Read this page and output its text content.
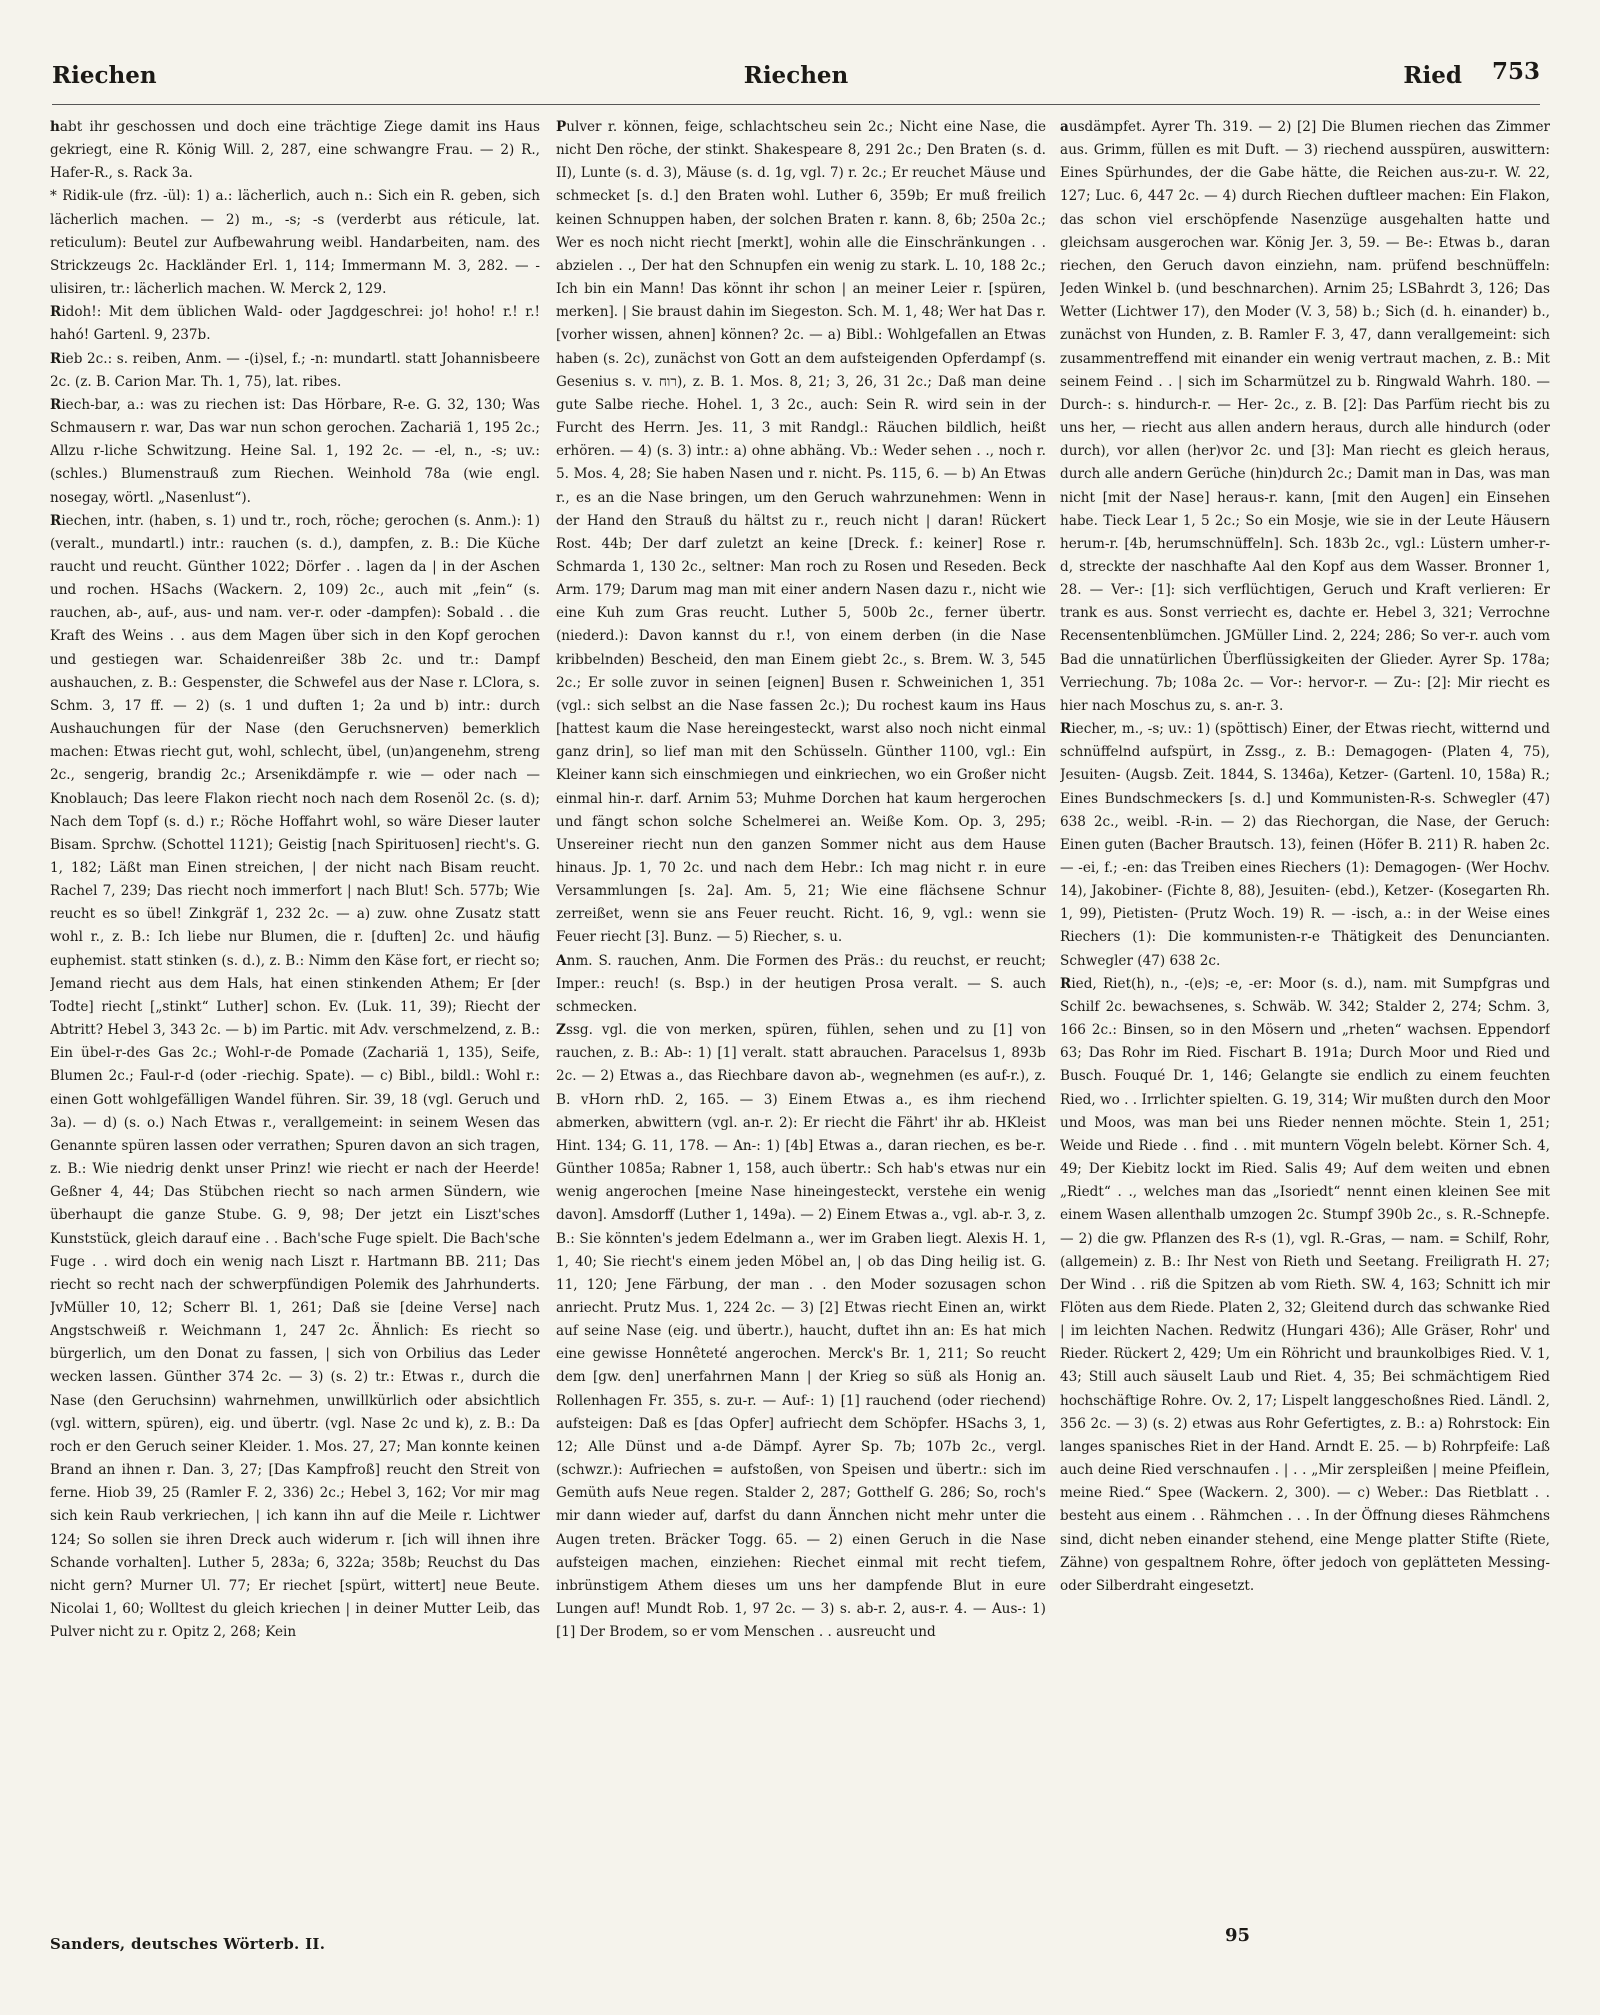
Riechen	Riechen	Ried 753

habt ihr geschossen und doch eine trächtige Ziege damit ins Haus gekriegt, eine R. König Will. 2, 287, eine schwangre Frau. — 2) R., Hafer-R., s. Rack 3a.

* Ridik-ule (frz. -ül): 1) a.: lächerlich, auch n.: Sich ein R. geben, sich lächerlich machen. — 2) m., -s; -s (verderbt aus réticule, lat. reticulum): Beutel zur Aufbewahrung weibl. Handarbeiten, nam. des Strickzeugs 2c. Hackländer Erl. 1, 114; Immermann M. 3, 282. — -ulisiren, tr.: lächerlich machen. W. Merck 2, 129.

Ridoh!: Mit dem üblichen Wald- oder Jagdgeschrei: jo! hoho! r.! r.! hahó! Gartenl. 9, 237b.

Rieb 2c.: s. reiben, Anm. — -(i)sel, f.; -n: mundartl. statt Johannisbeere 2c. (z. B. Carion Mar. Th. 1, 75), lat. ribes.

Riech-bar, a.: was zu riechen ist: Das Hörbare, R-e. G. 32, 130; Was Schmausern r. war, Das war nun schon gerochen. Zachariä 1, 195 2c.; Allzu r-liche Schwitzung. Heine Sal. 1, 192 2c. — -el, n., -s; uv.: (schles.) Blumenstrauß zum Riechen. Weinhold 78a (wie engl. nosegay, wörtl. „Nasenlust“).

Riechen, intr. (haben, s. 1) und tr., roch, röche; gerochen (s. Anm.): 1) (veralt., mundartl.) intr.: rauchen (s. d.), dampfen, z. B.: Die Küche raucht und reucht. Günther 1022; Dörfer . . lagen da | in der Aschen und rochen. HSachs (Wackern. 2, 109) 2c., auch mit „fein“ (s. rauchen, ab-, auf-, aus- und nam. ver-r. oder -dampfen): Sobald . . die Kraft des Weins . . aus dem Magen über sich in den Kopf gerochen und gestiegen war. Schaidenreißer 38b 2c. und tr.: Dampf aushauchen, z. B.: Gespenster, die Schwefel aus der Nase r. LClora, s. Schm. 3, 17 ff. — 2) (s. 1 und duften 1; 2a und b) intr.: durch Aushauchungen für der Nase (den Geruchsnerven) bemerklich machen: Etwas riecht gut, wohl, schlecht, übel, (un)angenehm, streng 2c., sengerig, brandig 2c.; Arsenikdämpfe r. wie — oder nach — Knoblauch; Das leere Flakon riecht noch nach dem Rosenöl 2c. (s. d); Nach dem Topf (s. d.) r.; Röche Hoffahrt wohl, so wäre Dieser lauter Bisam. Sprchw. (Schottel 1121); Geistig [nach Spirituosen] riecht's. G. 1, 182; Läßt man Einen streichen, | der nicht nach Bisam reucht. Rachel 7, 239; Das riecht noch immerfort | nach Blut! Sch. 577b; Wie reucht es so übel! Zinkgräf 1, 232 2c. — a) zuw. ohne Zusatz statt wohl r., z. B.: Ich liebe nur Blumen, die r. [duften] 2c. und häufig euphemist. statt stinken (s. d.), z. B.: Nimm den Käse fort, er riecht so; Jemand riecht aus dem Hals, hat einen stinkenden Athem; Er [der Todte] riecht [„stinkt“ Luther] schon. Ev. (Luk. 11, 39); Riecht der Abtritt? Hebel 3, 343 2c. — b) im Partic. mit Adv. verschmelzend, z. B.: Ein übel-r-des Gas 2c.; Wohl-r-de Pomade (Zachariä 1, 135), Seife, Blumen 2c.; Faul-r-d (oder -riechig. Spate). — c) Bibl., bildl.: Wohl r.: einen Gott wohlgefälligen Wandel führen. Sir. 39, 18 (vgl. Geruch und 3a). — d) (s. o.) Nach Etwas r., verallgemeint: in seinem Wesen das Genannte spüren lassen oder verrathen; Spuren davon an sich tragen, z. B.: Wie niedrig denkt unser Prinz! wie riecht er nach der Heerde! Geßner 4, 44; Das Stübchen riecht so nach armen Sündern, wie überhaupt die ganze Stube. G. 9, 98; Der jetzt ein Liszt'sches Kunststück, gleich darauf eine . . Bach'sche Fuge spielt. Die Bach'sche Fuge . . wird doch ein wenig nach Liszt r. Hartmann BB. 211; Das riecht so recht nach der schwerpfündigen Polemik des Jahrhunderts. JvMüller 10, 12; Scherr Bl. 1, 261; Daß sie [deine Verse] nach Angstschweiß r. Weichmann 1, 247 2c. Ähnlich: Es riecht so bürgerlich, um den Donat zu fassen, | sich von Orbilius das Leder wecken lassen. Günther 374 2c. — 3) (s. 2) tr.: Etwas r., durch die Nase (den Geruchsinn) wahrnehmen, unwillkürlich oder absichtlich (vgl. wittern, spüren), eig. und übertr. (vgl. Nase 2c und k), z. B.: Da roch er den Geruch seiner Kleider. 1. Mos. 27, 27; Man konnte keinen Brand an ihnen r. Dan. 3, 27; [Das Kampfroß] reucht den Streit von ferne. Hiob 39, 25 (Ramler F. 2, 336) 2c.; Hebel 3, 162; Vor mir mag sich kein Raub verkriechen, | ich kann ihn auf die Meile r. Lichtwer 124; So sollen sie ihren Dreck auch widerum r. [ich will ihnen ihre Schande vorhalten]. Luther 5, 283a; 6, 322a; 358b; Reuchst du Das nicht gern? Murner Ul. 77; Er riechet [spürt, wittert] neue Beute. Nicolai 1, 60; Wolltest du gleich kriechen | in deiner Mutter Leib, das Pulver nicht zu r. Opitz 2, 268; Kein

Pulver r. können, feige, schlachtscheu sein 2c.; Nicht eine Nase, die nicht Den röche, der stinkt. Shakespeare 8, 291 2c.; Den Braten (s. d. II), Lunte (s. d. 3), Mäuse (s. d. 1g, vgl. 7) r. 2c.; Er reuchet Mäuse und schmecket [s. d.] den Braten wohl. Luther 6, 359b; Er muß freilich keinen Schnuppen haben, der solchen Braten r. kann. 8, 6b; 250a 2c.; Wer es noch nicht riecht [merkt], wohin alle die Einschränkungen . . abzielen . ., Der hat den Schnupfen ein wenig zu stark. L. 10, 188 2c.; Ich bin ein Mann! Das könnt ihr schon | an meiner Leier r. [spüren, merken]. | Sie braust dahin im Siegeston. Sch. M. 1, 48; Wer hat Das r. [vorher wissen, ahnen] können? 2c. — a) Bibl.: Wohlgefallen an Etwas haben (s. 2c), zunächst von Gott an dem aufsteigenden Opferdampf (s. Gesenius s. v. רוח), z. B. 1. Mos. 8, 21; 3, 26, 31 2c.; Daß man deine gute Salbe rieche. Hohel. 1, 3 2c., auch: Sein R. wird sein in der Furcht des Herrn. Jes. 11, 3 mit Randgl.: Räuchen bildlich, heißt erhören. — 4) (s. 3) intr.: a) ohne abhäng. Vb.: Weder sehen . ., noch r. 5. Mos. 4, 28; Sie haben Nasen und r. nicht. Ps. 115, 6. — b) An Etwas r., es an die Nase bringen, um den Geruch wahrzunehmen: Wenn in der Hand den Strauß du hältst zu r., reuch nicht | daran! Rückert Rost. 44b; Der darf zuletzt an keine [Dreck. f.: keiner] Rose r. Schmarda 1, 130 2c., seltner: Man roch zu Rosen und Reseden. Beck Arm. 179; Darum mag man mit einer andern Nasen dazu r., nicht wie eine Kuh zum Gras reucht. Luther 5, 500b 2c., ferner übertr. (niederd.): Davon kannst du r.!, von einem derben (in die Nase kribbelnden) Bescheid, den man Einem giebt 2c., s. Brem. W. 3, 545 2c.; Er solle zuvor in seinen [eignen] Busen r. Schweinichen 1, 351 (vgl.: sich selbst an die Nase fassen 2c.); Du rochest kaum ins Haus [hattest kaum die Nase hereingesteckt, warst also noch nicht einmal ganz drin], so lief man mit den Schüsseln. Günther 1100, vgl.: Ein Kleiner kann sich einschmiegen und einkriechen, wo ein Großer nicht einmal hin-r. darf. Arnim 53; Muhme Dorchen hat kaum hergerochen und fängt schon solche Schelmerei an. Weiße Kom. Op. 3, 295; Unsereiner riecht nun den ganzen Sommer nicht aus dem Hause hinaus. Jp. 1, 70 2c. und nach dem Hebr.: Ich mag nicht r. in eure Versammlungen [s. 2a]. Am. 5, 21; Wie eine flächsene Schnur zerreißet, wenn sie ans Feuer reucht. Richt. 16, 9, vgl.: wenn sie Feuer riecht [3]. Bunz. — 5) Riecher, s. u.

Anm. S. rauchen, Anm. Die Formen des Präs.: du reuchst, er reucht; Imper.: reuch! (s. Bsp.) in der heutigen Prosa veralt. — S. auch schmecken.

Zssg. vgl. die von merken, spüren, fühlen, sehen und zu [1] von rauchen, z. B.: Ab-: 1) [1] veralt. statt abrauchen. Paracelsus 1, 893b 2c. — 2) Etwas a., das Riechbare davon ab-, wegnehmen (es auf-r.), z. B. vHorn rhD. 2, 165. — 3) Einem Etwas a., es ihm riechend abmerken, abwittern (vgl. an-r. 2): Er riecht die Fährt' ihr ab. HKleist Hint. 134; G. 11, 178. — An-: 1) [4b] Etwas a., daran riechen, es be-r. Günther 1085a; Rabner 1, 158, auch übertr.: Sch hab's etwas nur ein wenig angerochen [meine Nase hineingesteckt, verstehe ein wenig davon]. Amsdorff (Luther 1, 149a). — 2) Einem Etwas a., vgl. ab-r. 3, z. B.: Sie könnten's jedem Edelmann a., wer im Graben liegt. Alexis H. 1, 1, 40; Sie riecht's einem jeden Möbel an, | ob das Ding heilig ist. G. 11, 120; Jene Färbung, der man . . den Moder sozusagen schon anriecht. Prutz Mus. 1, 224 2c. — 3) [2] Etwas riecht Einen an, wirkt auf seine Nase (eig. und übertr.), haucht, duftet ihn an: Es hat mich eine gewisse Honnêteté angerochen. Merck's Br. 1, 211; So reucht dem [gw. den] unerfahrnen Mann | der Krieg so süß als Honig an. Rollenhagen Fr. 355, s. zu-r. — Auf-: 1) [1] rauchend (oder riechend) aufsteigen: Daß es [das Opfer] aufriecht dem Schöpfer. HSachs 3, 1, 12; Alle Dünst und a-de Dämpf. Ayrer Sp. 7b; 107b 2c., vergl. (schwzr.): Aufriechen = aufstoßen, von Speisen und übertr.: sich im Gemüth aufs Neue regen. Stalder 2, 287; Gotthelf G. 286; So, roch's mir dann wieder auf, darfst du dann Ännchen nicht mehr unter die Augen treten. Bräcker Togg. 65. — 2) einen Geruch in die Nase aufsteigen machen, einziehen: Riechet einmal mit recht tiefem, inbrünstigem Athem dieses um uns her dampfende Blut in eure Lungen auf! Mundt Rob. 1, 97 2c. — 3) s. ab-r. 2, aus-r. 4. — Aus-: 1) [1] Der Brodem, so er vom Menschen . . ausreucht und

ausdämpfet. Ayrer Th. 319. — 2) [2] Die Blumen riechen das Zimmer aus. Grimm, füllen es mit Duft. — 3) riechend ausspüren, auswittern: Eines Spürhundes, der die Gabe hätte, die Reichen aus-zu-r. W. 22, 127; Luc. 6, 447 2c. — 4) durch Riechen duftleer machen: Ein Flakon, das schon viel erschöpfende Nasenzüge ausgehalten hatte und gleichsam ausgerochen war. König Jer. 3, 59. — Be-: Etwas b., daran riechen, den Geruch davon einziehn, nam. prüfend beschnüffeln: Jeden Winkel b. (und beschnarchen). Arnim 25; LSBahrdt 3, 126; Das Wetter (Lichtwer 17), den Moder (V. 3, 58) b.; Sich (d. h. einander) b., zunächst von Hunden, z. B. Ramler F. 3, 47, dann verallgemeint: sich zusammentreffend mit einander ein wenig vertraut machen, z. B.: Mit seinem Feind . . | sich im Scharmützel zu b. Ringwald Wahrh. 180. — Durch-: s. hindurch-r. — Her- 2c., z. B. [2]: Das Parfüm riecht bis zu uns her, — riecht aus allen andern heraus, durch alle hindurch (oder durch), vor allen (her)vor 2c. und [3]: Man riecht es gleich heraus, durch alle andern Gerüche (hin)durch 2c.; Damit man in Das, was man nicht [mit der Nase] heraus-r. kann, [mit den Augen] ein Einsehen habe. Tieck Lear 1, 5 2c.; So ein Mosje, wie sie in der Leute Häusern herum-r. [4b, herumschnüffeln]. Sch. 183b 2c., vgl.: Lüstern umher-r-d, streckte der naschhafte Aal den Kopf aus dem Wasser. Bronner 1, 28. — Ver-: [1]: sich verflüchtigen, Geruch und Kraft verlieren: Er trank es aus. Sonst verriecht es, dachte er. Hebel 3, 321; Verrochne Recensentenblümchen. JGMüller Lind. 2, 224; 286; So ver-r. auch vom Bad die unnatürlichen Überflüssigkeiten der Glieder. Ayrer Sp. 178a; Verriechung. 7b; 108a 2c. — Vor-: hervor-r. — Zu-: [2]: Mir riecht es hier nach Moschus zu, s. an-r. 3.

Riecher, m., -s; uv.: 1) (spöttisch) Einer, der Etwas riecht, witternd und schnüffelnd aufspürt, in Zssg., z. B.: Demagogen- (Platen 4, 75), Jesuiten- (Augsb. Zeit. 1844, S. 1346a), Ketzer- (Gartenl. 10, 158a) R.; Eines Bundschmeckers [s. d.] und Kommunisten-R-s. Schwegler (47) 638 2c., weibl. -R-in. — 2) das Riechorgan, die Nase, der Geruch: Einen guten (Bacher Brautsch. 13), feinen (Höfer B. 211) R. haben 2c. — -ei, f.; -en: das Treiben eines Riechers (1): Demagogen- (Wer Hochv. 14), Jakobiner- (Fichte 8, 88), Jesuiten- (ebd.), Ketzer- (Kosegarten Rh. 1, 99), Pietisten- (Prutz Woch. 19) R. — -isch, a.: in der Weise eines Riechers (1): Die kommunisten-r-e Thätigkeit des Denuncianten. Schwegler (47) 638 2c.

Ried, Riet(h), n., -(e)s; -e, -er: Moor (s. d.), nam. mit Sumpfgras und Schilf 2c. bewachsenes, s. Schwäb. W. 342; Stalder 2, 274; Schm. 3, 166 2c.: Binsen, so in den Mösern und „rheten“ wachsen. Eppendorf 63; Das Rohr im Ried. Fischart B. 191a; Durch Moor und Ried und Busch. Fouqué Dr. 1, 146; Gelangte sie endlich zu einem feuchten Ried, wo . . Irrlichter spielten. G. 19, 314; Wir mußten durch den Moor und Moos, was man bei uns Rieder nennen möchte. Stein 1, 251; Weide und Riede . . find . . mit muntern Vögeln belebt. Körner Sch. 4, 49; Der Kiebitz lockt im Ried. Salis 49; Auf dem weiten und ebnen „Riedt“ . ., welches man das „Isoriedt“ nennt einen kleinen See mit einem Wasen allenthalb umzogen 2c. Stumpf 390b 2c., s. R.-Schnepfe. — 2) die gw. Pflanzen des R-s (1), vgl. R.-Gras, — nam. = Schilf, Rohr, (allgemein) z. B.: Ihr Nest von Rieth und Seetang. Freiligrath H. 27; Der Wind . . riß die Spitzen ab vom Rieth. SW. 4, 163; Schnitt ich mir Flöten aus dem Riede. Platen 2, 32; Gleitend durch das schwanke Ried | im leichten Nachen. Redwitz (Hungari 436); Alle Gräser, Rohr' und Rieder. Rückert 2, 429; Um ein Röhricht und braunkolbiges Ried. V. 1, 43; Still auch säuselt Laub und Riet. 4, 35; Bei schmächtigem Ried hochschäftige Rohre. Ov. 2, 17; Lispelt langgeschoßnes Ried. Ländl. 2, 356 2c. — 3) (s. 2) etwas aus Rohr Gefertigtes, z. B.: a) Rohrstock: Ein langes spanisches Riet in der Hand. Arndt E. 25. — b) Rohrpfeife: Laß auch deine Ried verschnaufen . | . . „Mir zerspleißen | meine Pfeiflein, meine Ried.“ Spee (Wackern. 2, 300). — c) Weber.: Das Rietblatt . . besteht aus einem . . Rähmchen . . . In der Öffnung dieses Rähmchens sind, dicht neben einander stehend, eine Menge platter Stifte (Riete, Zähne) von gespaltnem Rohre, öfter jedoch von geplätteten Messing- oder Silberdraht eingesetzt.

Sanders, deutsches Wörterb. II.	95
